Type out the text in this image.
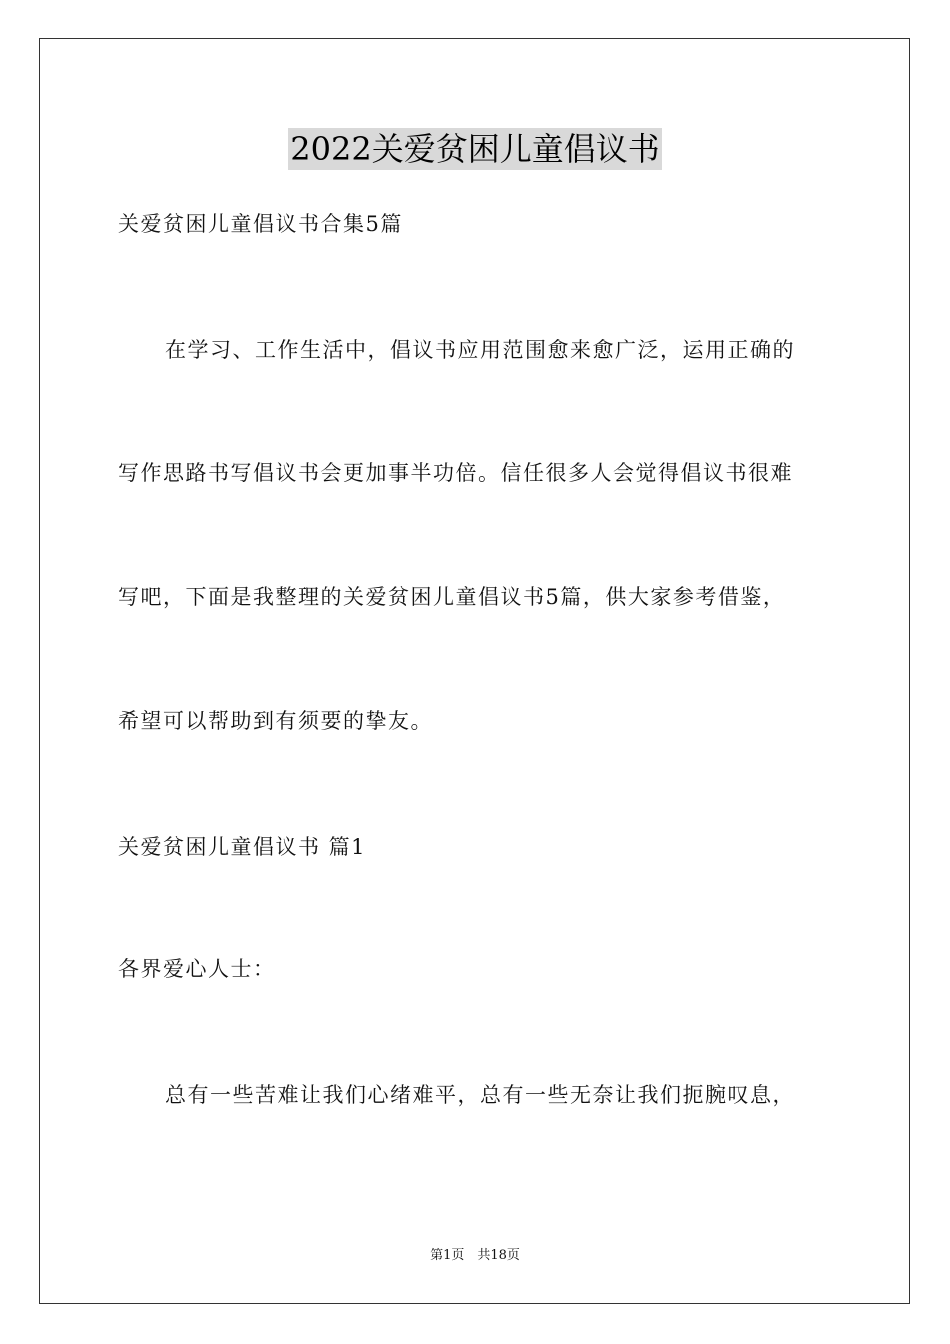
2022关爱贫困儿童倡议书
关爱贫困儿童倡议书合集5篇
在学习、工作生活中，倡议书应用范围愈来愈广泛，运用正确的
写作思路书写倡议书会更加事半功倍。信任很多人会觉得倡议书很难
写吧，下面是我整理的关爱贫困儿童倡议书5篇，供大家参考借鉴，
希望可以帮助到有须要的挚友。
关爱贫困儿童倡议书 篇1
各界爱心人士：
总有一些苦难让我们心绪难平，总有一些无奈让我们扼腕叹息，
第1页　共18页
